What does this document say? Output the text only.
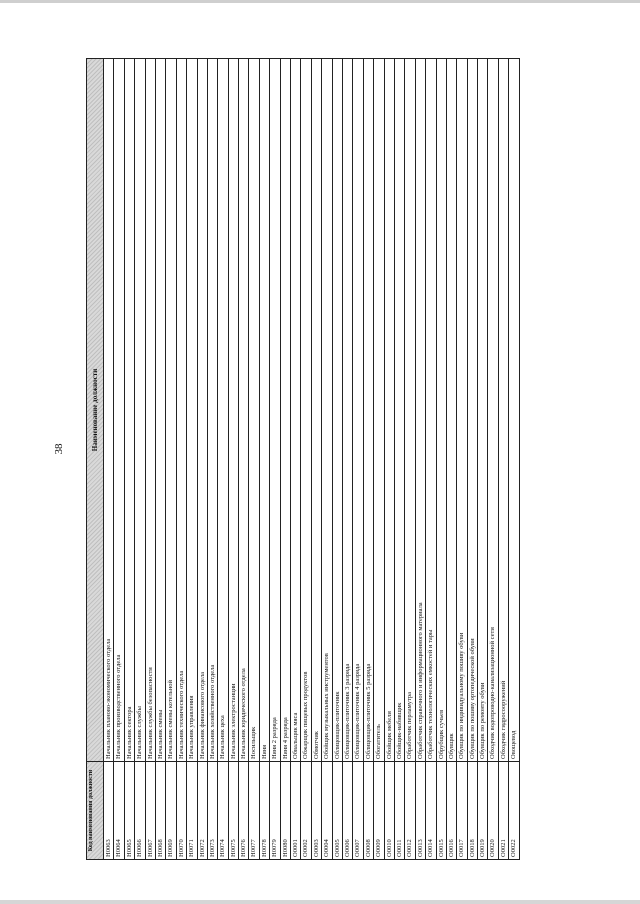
38
Код наименования должности
Наименование должности
Н0063
Начальник планово-экономического отдела
Н0064
Начальник производственного отдела
Н0065
Начальник сектора
Н0066
Начальник службы
Н0067
Начальник службы безопасности
Н0068
Начальник смены
Н0069
Начальник смены котельной
Н0070
Начальник технического отдела
Н0071
Начальник управления
Н0072
Начальник финансового отдела
Н0073
Начальник хозяйственного отдела
Н0074
Начальник цеха
Н0075
Начальник электростанции
Н0076
Начальник юридического отдела
Н0077
Носильщик
Н0078
Няня
Н0079
Няня 2 разряда
Н0080
Няня 4 разряда
О0001
Обвальщик мяса
О0002
Обжарщик пищевых продуктов
О0003
Обмотчик
О0004
Обойщик музыкальных инструментов
О0005
Облицовщик-плиточник
О0006
Облицовщик-плиточник 3 разряда
О0007
Облицовщик-плиточник 4 разряда
О0008
Облицовщик-плиточник 5 разряда
О0009
Обогатитель
О0010
Обойщик мебели
О0011
Обойщик-набивщик
О0012
Обработчик перламутра
О0013
Обработчик справочного и информационного материала
О0014
Обработчик технологических емкостей и тары
О0015
Обрубщик сучьев
О0016
Обувщик
О0017
Обувщик по индивидуальному пошиву обуви
О0018
Обувщик по пошиву ортопедической обуви
О0019
Обувщик по ремонту обуви
О0020
Обходчик водопроводно-канализационной сети
О0021
Обходчик гидросооружений
О0022
Овощевод
